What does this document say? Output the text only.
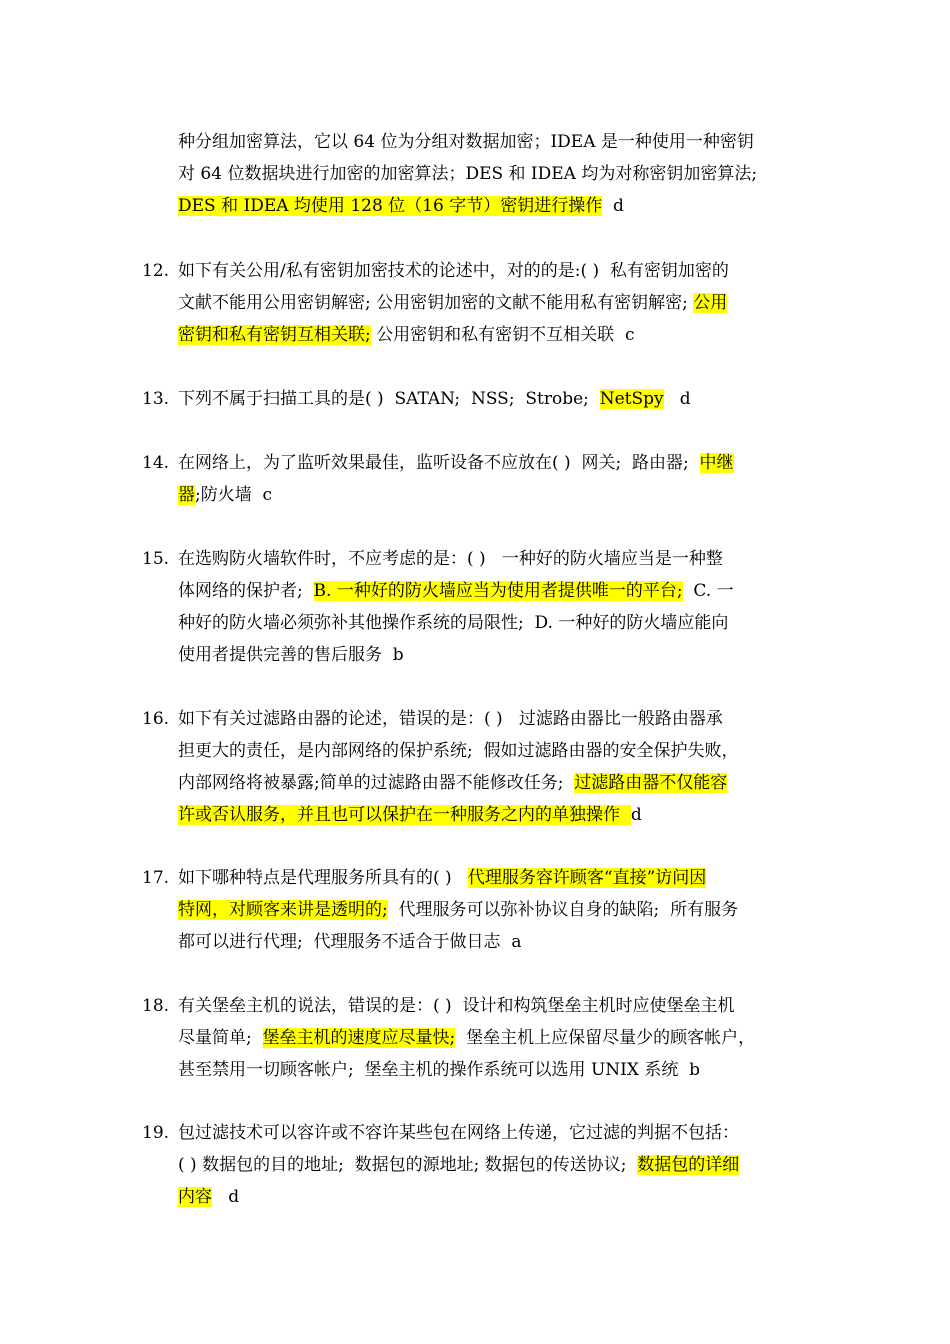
种分组加密算法，它以 64 位为分组对数据加密；IDEA 是一种使用一种密钥
对 64 位数据块进行加密的加密算法；DES 和 IDEA 均为对称密钥加密算法;
DES 和 IDEA 均使用 128 位（16 字节）密钥进行操作  d
12. 如下有关公用/私有密钥加密技术的论述中，对的的是:( )  私有密钥加密的
文献不能用公用密钥解密; 公用密钥加密的文献不能用私有密钥解密; 公用
密钥和私有密钥互相关联; 公用密钥和私有密钥不互相关联  c
13. 下列不属于扫描工具的是( )  SATAN;  NSS;  Strobe;  NetSpy   d
14. 在网络上，为了监听效果最佳，监听设备不应放在( )  网关;  路由器;  中继
器;防火墙  c
15. 在选购防火墙软件时，不应考虑的是：( )   一种好的防火墙应当是一种整
体网络的保护者;  B. 一种好的防火墙应当为使用者提供唯一的平台;  C. 一
种好的防火墙必须弥补其他操作系统的局限性;  D. 一种好的防火墙应能向
使用者提供完善的售后服务  b
16. 如下有关过滤路由器的论述，错误的是：( )   过滤路由器比一般路由器承
担更大的责任，是内部网络的保护系统;  假如过滤路由器的安全保护失败，
内部网络将被暴露;简单的过滤路由器不能修改任务;  过滤路由器不仅能容
许或否认服务，并且也可以保护在一种服务之内的单独操作  d
17. 如下哪种特点是代理服务所具有的( )   代理服务容许顾客“直接”访问因
特网，对顾客来讲是透明的;  代理服务可以弥补协议自身的缺陷;  所有服务
都可以进行代理;  代理服务不适合于做日志  a
18. 有关堡垒主机的说法，错误的是：( )  设计和构筑堡垒主机时应使堡垒主机
尽量简单;  堡垒主机的速度应尽量快;  堡垒主机上应保留尽量少的顾客帐户，
甚至禁用一切顾客帐户;  堡垒主机的操作系统可以选用 UNIX 系统  b
19. 包过滤技术可以容许或不容许某些包在网络上传递，它过滤的判据不包括：
( ) 数据包的目的地址;  数据包的源地址; 数据包的传送协议;  数据包的详细
内容   d
